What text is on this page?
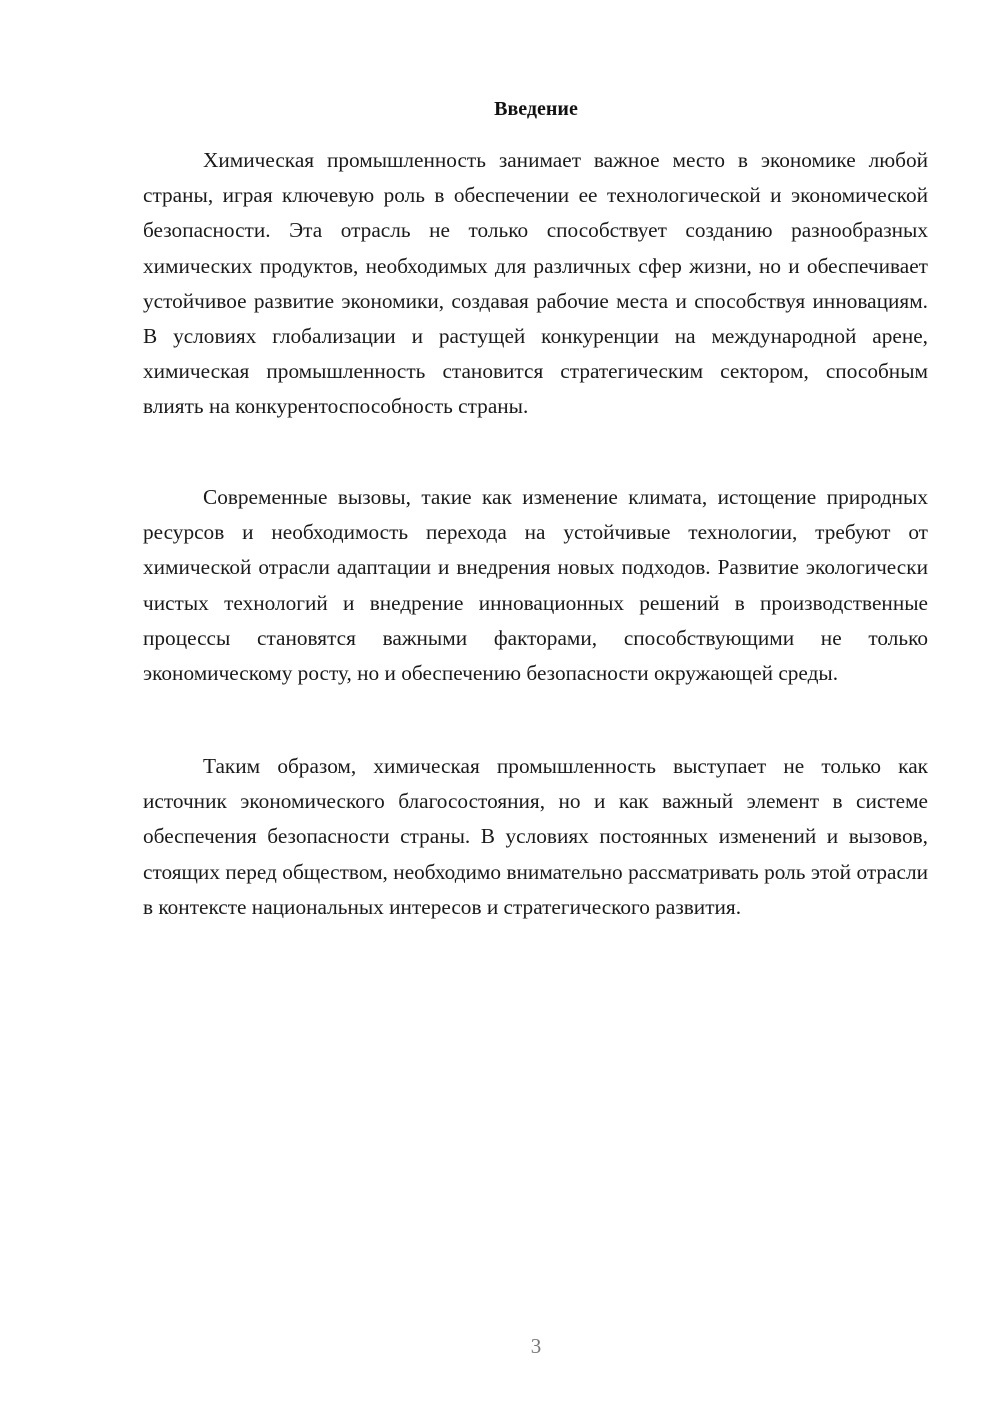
Введение

Химическая промышленность занимает важное место в экономике любой страны, играя ключевую роль в обеспечении ее технологической и экономической безопасности. Эта отрасль не только способствует созданию разнообразных химических продуктов, необходимых для различных сфер жизни, но и обеспечивает устойчивое развитие экономики, создавая рабочие места и способствуя инновациям. В условиях глобализации и растущей конкуренции на международной арене, химическая промышленность становится стратегическим сектором, способным влиять на конкурентоспособность страны.

Современные вызовы, такие как изменение климата, истощение природных ресурсов и необходимость перехода на устойчивые технологии, требуют от химической отрасли адаптации и внедрения новых подходов. Развитие экологически чистых технологий и внедрение инновационных решений в производственные процессы становятся важными факторами, способствующими не только экономическому росту, но и обеспечению безопасности окружающей среды.

Таким образом, химическая промышленность выступает не только как источник экономического благосостояния, но и как важный элемент в системе обеспечения безопасности страны. В условиях постоянных изменений и вызовов, стоящих перед обществом, необходимо внимательно рассматривать роль этой отрасли в контексте национальных интересов и стратегического развития.

3
